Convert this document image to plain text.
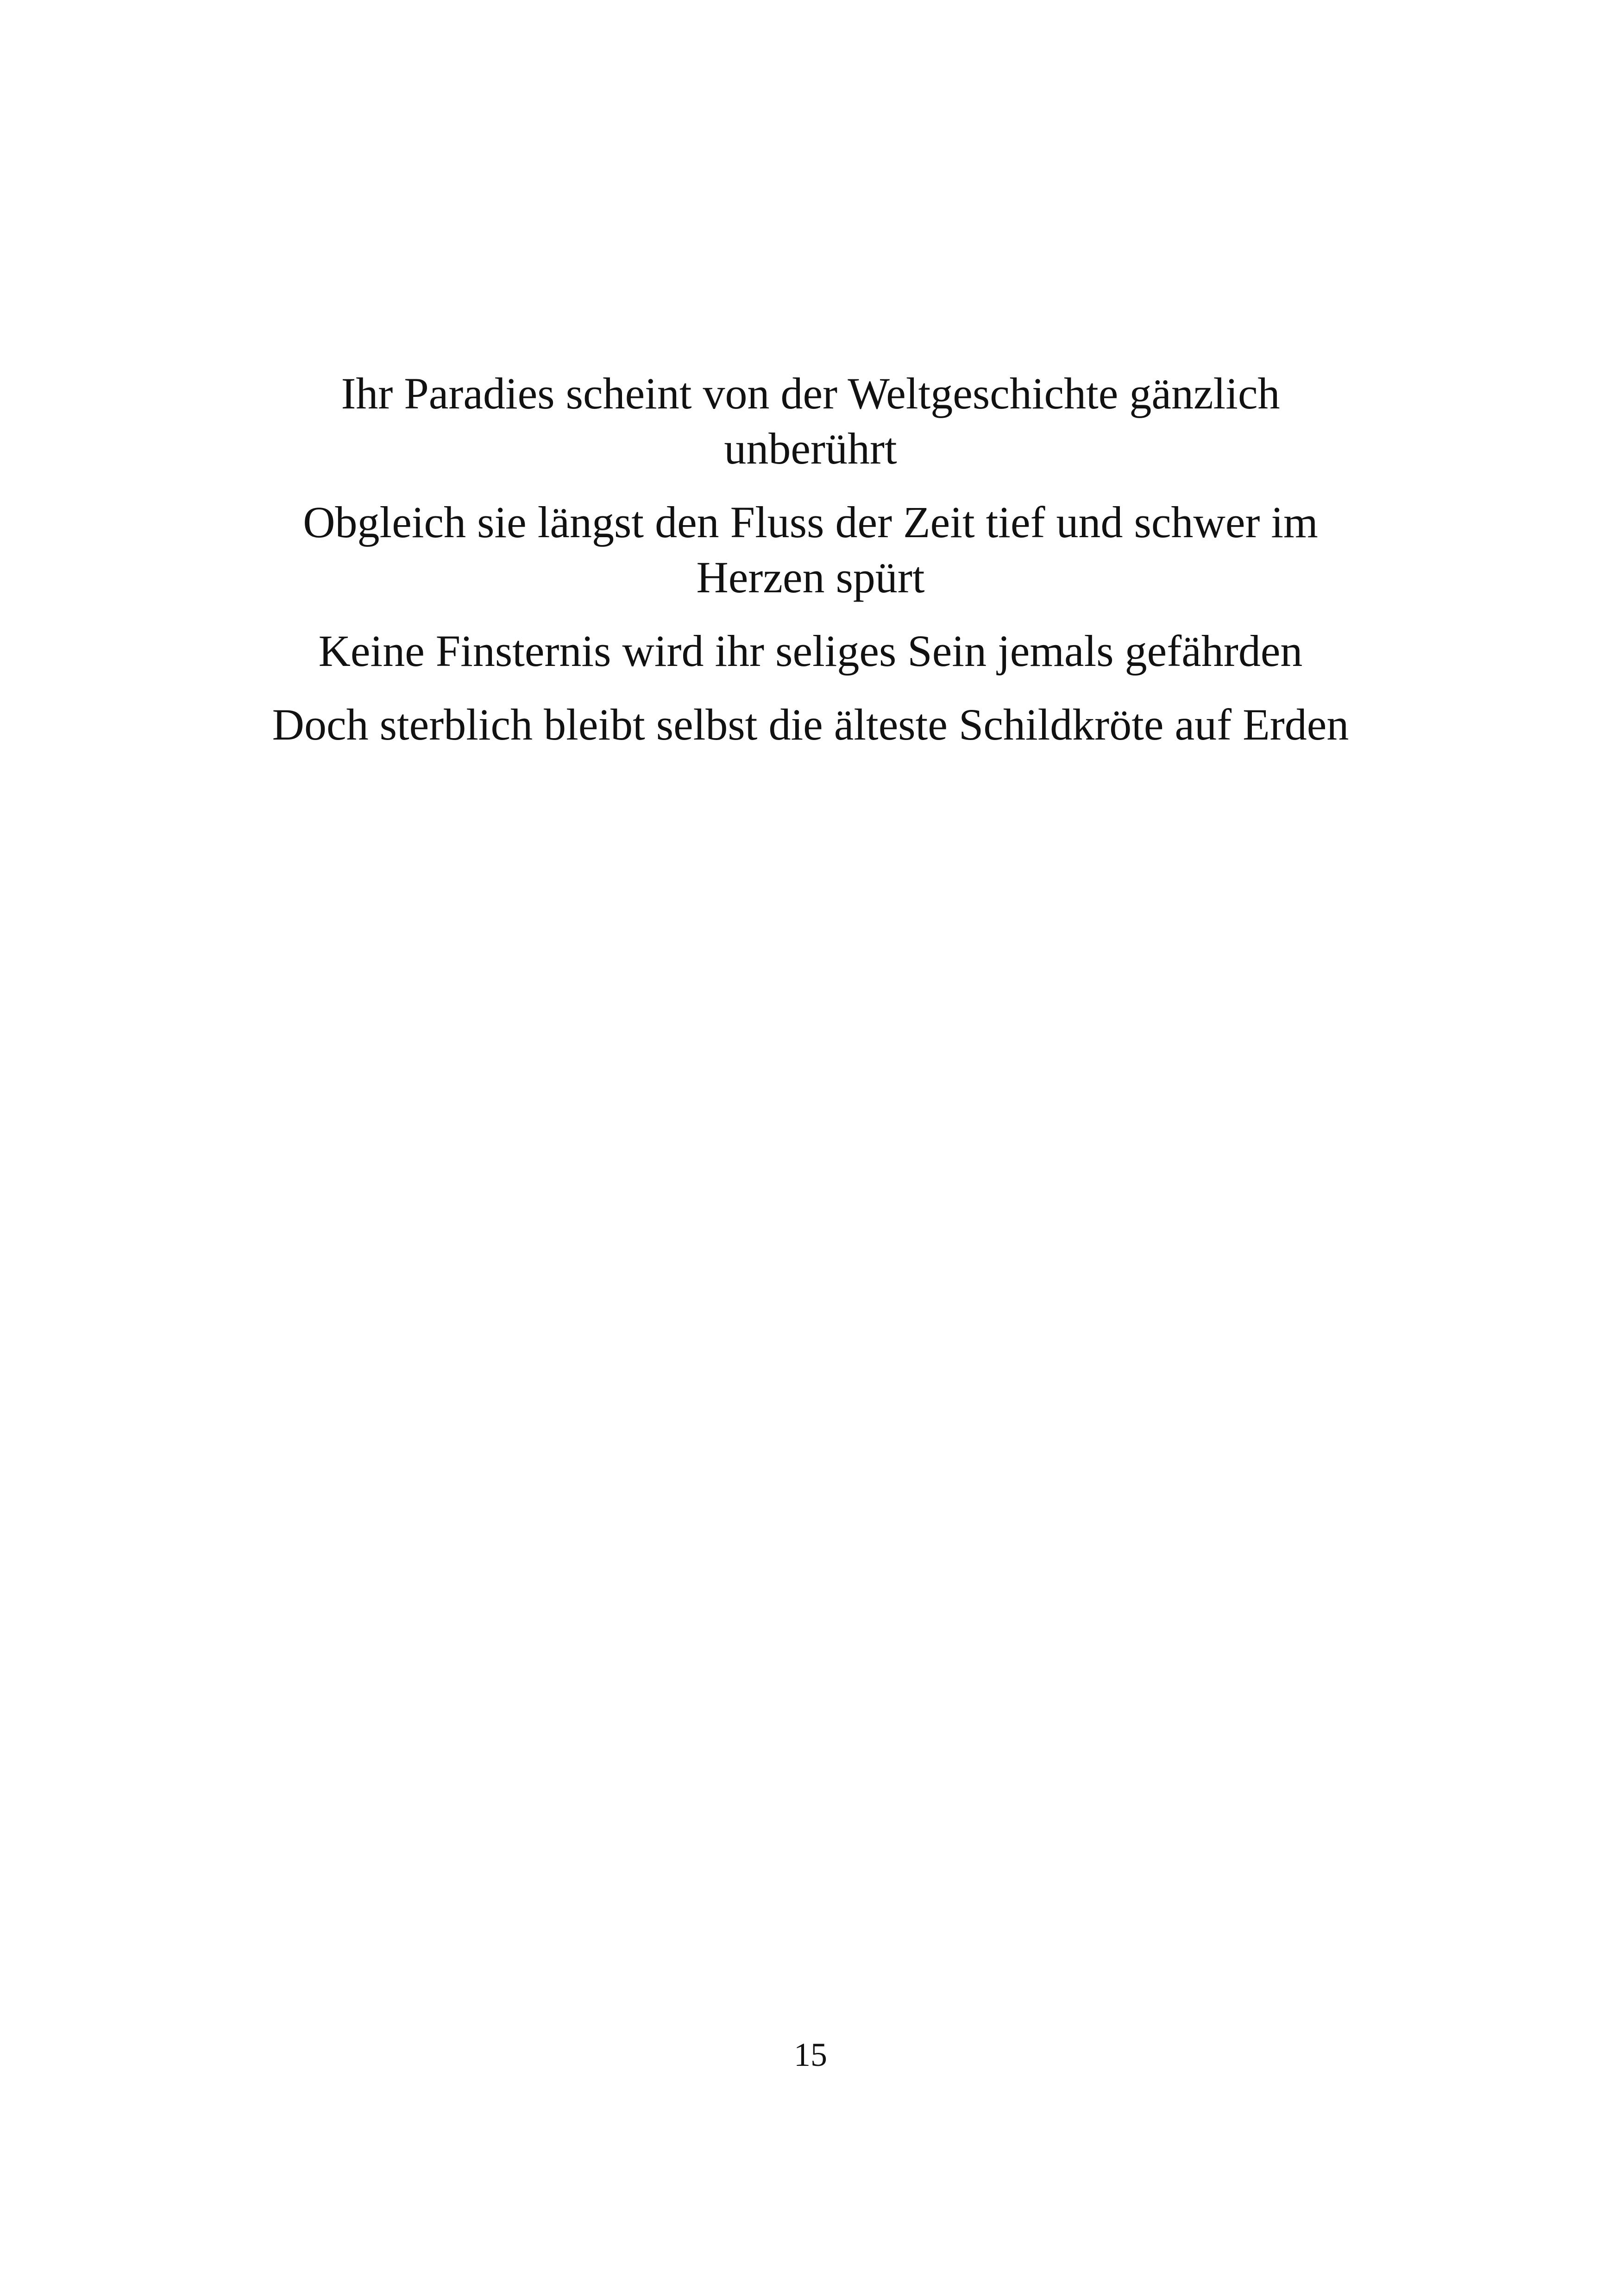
Ihr Paradies scheint von der Weltgeschichte gänzlich
unberührt
Obgleich sie längst den Fluss der Zeit tief und schwer im
Herzen spürt
Keine Finsternis wird ihr seliges Sein jemals gefährden
Doch sterblich bleibt selbst die älteste Schildkröte auf Erden
15
